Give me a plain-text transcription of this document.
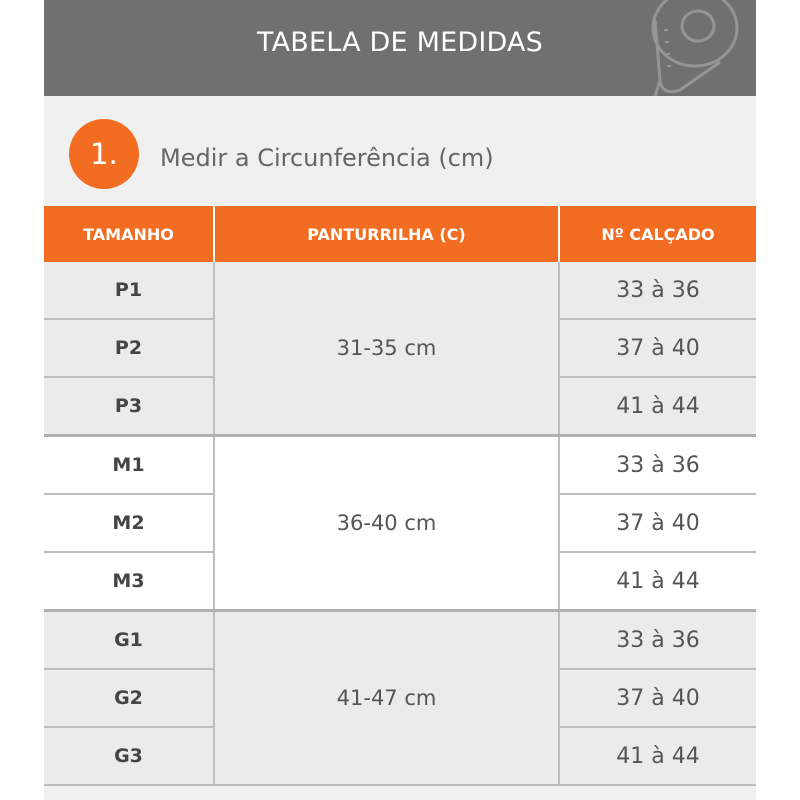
TABELA DE MEDIDAS
1.	Medir a Circunferência (cm)
TAMANHO	PANTURRILHA (C)	Nº CALÇADO
P1	31-35 cm	33 à 36
P2		37 à 40
P3		41 à 44
M1	36-40 cm	33 à 36
M2		37 à 40
M3		41 à 44
G1	41-47 cm	33 à 36
G2		37 à 40
G3		41 à 44
